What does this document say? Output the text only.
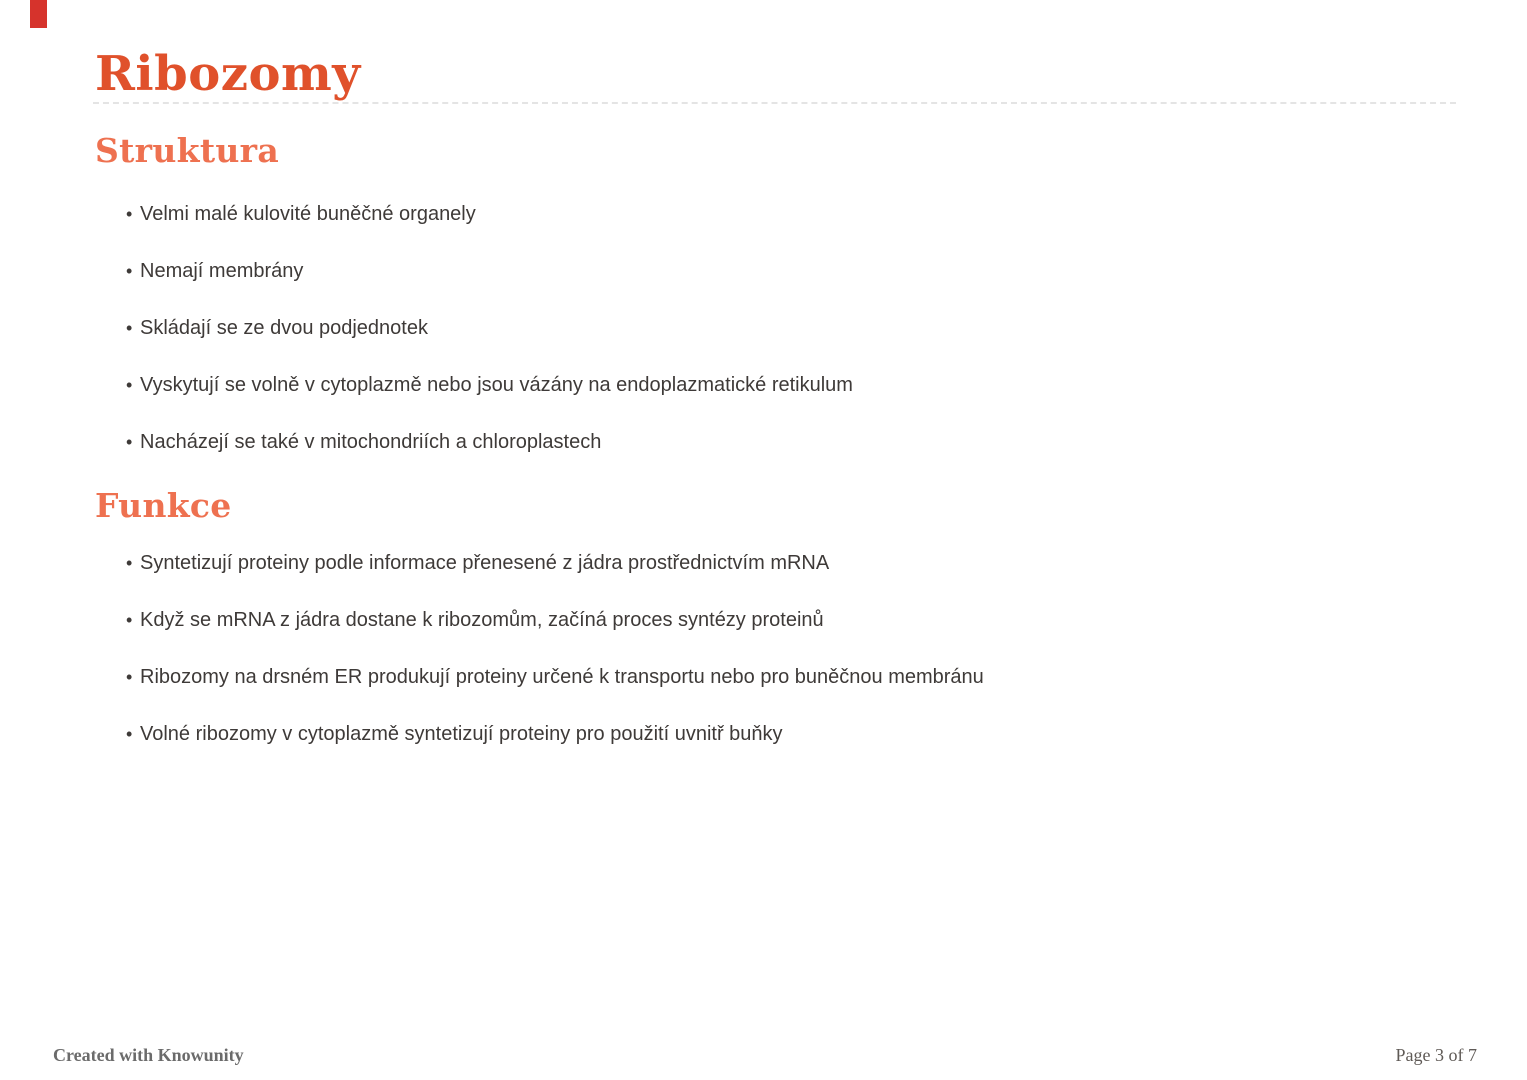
Ribozomy
Struktura
• Velmi malé kulovité buněčné organely
• Nemají membrány
• Skládají se ze dvou podjednotek
• Vyskytují se volně v cytoplazmě nebo jsou vázány na endoplazmatické retikulum
• Nacházejí se také v mitochondriích a chloroplastech
Funkce
• Syntetizují proteiny podle informace přenesené z jádra prostřednictvím mRNA
• Když se mRNA z jádra dostane k ribozomům, začíná proces syntézy proteinů
• Ribozomy na drsném ER produkují proteiny určené k transportu nebo pro buněčnou membránu
• Volné ribozomy v cytoplazmě syntetizují proteiny pro použití uvnitř buňky
Created with Knowunity	Page 3 of 7
